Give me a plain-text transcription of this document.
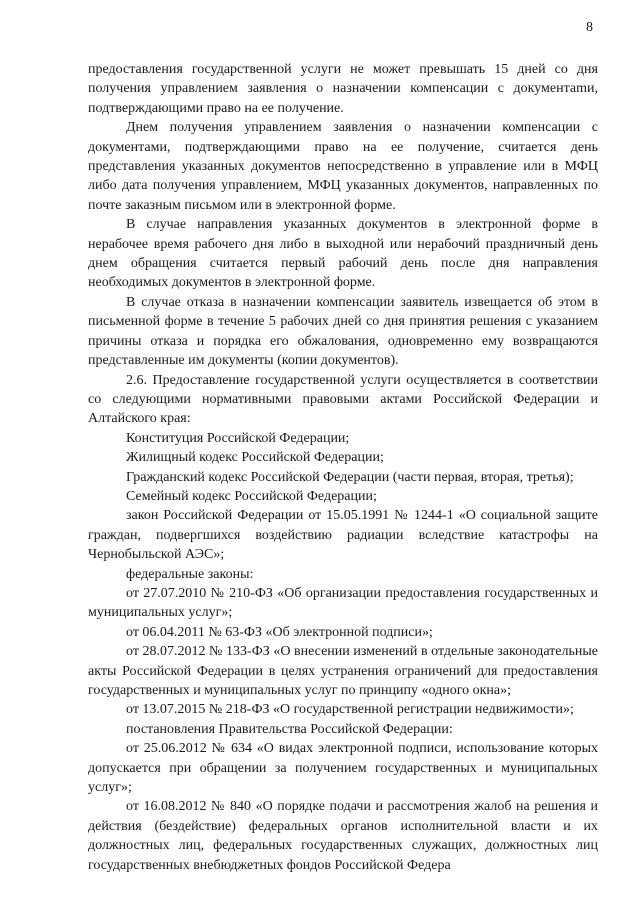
8

предоставления государственной услуги не может превышать 15 дней со дня получения управлением заявления о назначении компенсации с документаmи, подтверждающими право на ее получение.

Днем получения управлением заявления о назначении компенсации с документами, подтверждающими право на ее получение, считается день представления указанных документов непосредственно в управление или в МФЦ либо дата получения управлением, МФЦ указанных документов, направленных по почте заказным письмом или в электронной форме.

В случае направления указанных документов в электронной форме в нерабочее время рабочего дня либо в выходной или нерабочий праздничный день днем обращения считается первый рабочий день после дня направления необходимых документов в электронной форме.

В случае отказа в назначении компенсации заявитель извещается об этом в письменной форме в течение 5 рабочих дней со дня принятия решения с указанием причины отказа и порядка его обжалования, одновременно ему возвращаются представленные им документы (копии документов).

2.6. Предоставление государственной услуги осуществляется в соответствии со следующими нормативными правовыми актами Российской Федерации и Алтайского края:

Конституция Российской Федерации;

Жилищный кодекс Российской Федерации;

Гражданский кодекс Российской Федерации (части первая, вторая, третья);

Семейный кодекс Российской Федерации;

закон Российской Федерации от 15.05.1991 № 1244-1 «О социальной защите граждан, подвергшихся воздействию радиации вследствие катастрофы на Чернобыльской АЭС»;

федеральные законы:

от 27.07.2010 № 210-ФЗ «Об организации предоставления государственных и муниципальных услуг»;

от 06.04.2011 № 63-ФЗ «Об электронной подписи»;

от 28.07.2012 № 133-ФЗ «О внесении изменений в отдельные законодательные акты Российской Федерации в целях устранения ограничений для предоставления государственных и муниципальных услуг по принципу «одного окна»;

от 13.07.2015 № 218-ФЗ «О государственной регистрации недвижимости»;

постановления Правительства Российской Федерации:

от 25.06.2012 № 634 «О видах электронной подписи, использование которых допускается при обращении за получением государственных и муниципальных услуг»;

от 16.08.2012 № 840 «О порядке подачи и рассмотрения жалоб на решения и действия (бездействие) федеральных органов исполнительной власти и их должностных лиц, федеральных государственных служащих, должностных лиц государственных внебюджетных фондов Российской Федера
